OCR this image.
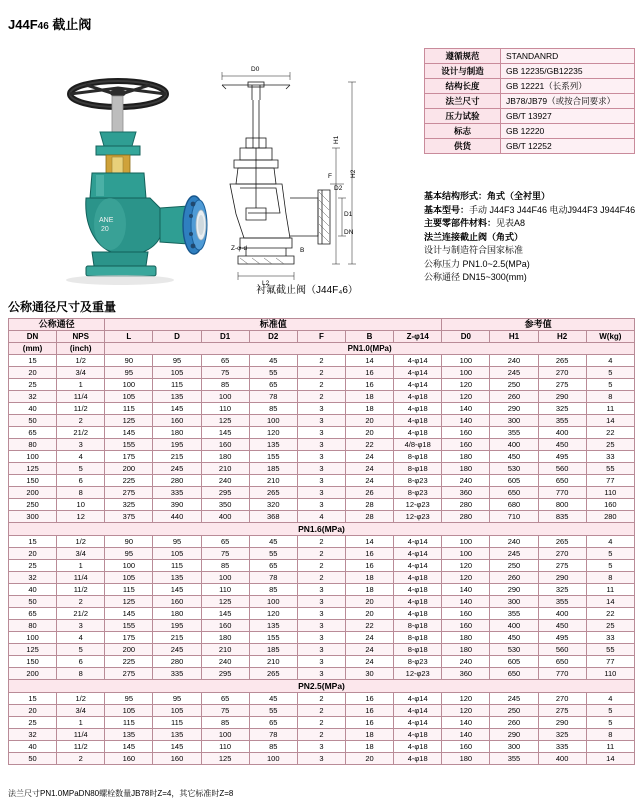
J44F46 截止阀
ANE
20
D0
F
H1
H2
D2
D1
DN
Z-φ·d
L2
B
衬氟截止阀（J44F₄6）
遵循规范	STANDANRD
设计与制造	GB 12235/GB12235
结构长度	GB 12221（长系列）
法兰尺寸	JB78/JB79（或按合同要求）
压力试验	GB/T 13927
标志	GB 12220
供货	GB/T 12252
基本结构形式：角式（全衬里）
基本型号：手动 J44F3 J44F46 电动J944F3 J944F46
主要零部件材料：见表A8
法兰连接截止阀（角式）
设计与制造符合国家标准
公称压力 PN1.0~2.5(MPa)
公称通径 DN15~300(mm)
公称通径尺寸及重量
公称通径		标准值							参考值			
DN	NPS	L	D	D1	D2	F	B	Z-φ14	D0	H1	H2	W(kg)
(mm)	(inch)	PN1.0(MPa)										
15	1/2	90	95	65	45	2	14	4-φ14	100	240	265	4
20	3/4	95	105	75	55	2	16	4-φ14	100	245	270	5
25	1	100	115	85	65	2	16	4-φ14	120	250	275	5
32	11/4	105	135	100	78	2	18	4-φ18	120	260	290	8
40	11/2	115	145	110	85	3	18	4-φ18	140	290	325	11
50	2	125	160	125	100	3	20	4-φ18	140	300	355	14
65	21/2	145	180	145	120	3	20	4-φ18	160	355	400	22
80	3	155	195	160	135	3	22	4/8-φ18	160	400	450	25
100	4	175	215	180	155	3	24	8-φ18	180	450	495	33
125	5	200	245	210	185	3	24	8-φ18	180	530	560	55
150	6	225	280	240	210	3	24	8-φ23	240	605	650	77
200	8	275	335	295	265	3	26	8-φ23	360	650	770	110
250	10	325	390	350	320	3	28	12-φ23	280	680	800	160
300	12	375	440	400	368	4	28	12-φ23	280	710	835	280
PN1.6(MPa)												
15	1/2	90	95	65	45	2	14	4-φ14	100	240	265	4
20	3/4	95	105	75	55	2	16	4-φ14	100	245	270	5
25	1	100	115	85	65	2	16	4-φ14	120	250	275	5
32	11/4	105	135	100	78	2	18	4-φ18	120	260	290	8
40	11/2	115	145	110	85	3	18	4-φ18	140	290	325	11
50	2	125	160	125	100	3	20	4-φ18	140	300	355	14
65	21/2	145	180	145	120	3	20	4-φ18	160	355	400	22
80	3	155	195	160	135	3	22	8-φ18	160	400	450	25
100	4	175	215	180	155	3	24	8-φ18	180	450	495	33
125	5	200	245	210	185	3	24	8-φ18	180	530	560	55
150	6	225	280	240	210	3	24	8-φ23	240	605	650	77
200	8	275	335	295	265	3	30	12-φ23	360	650	770	110
PN2.5(MPa)												
15	1/2	95	95	65	45	2	16	4-φ14	120	245	270	4
20	3/4	105	105	75	55	2	16	4-φ14	120	250	275	5
25	1	115	115	85	65	2	16	4-φ14	140	260	290	5
32	11/4	135	135	100	78	2	18	4-φ18	140	290	325	8
40	11/2	145	145	110	85	3	18	4-φ18	160	300	335	11
50	2	160	160	125	100	3	20	4-φ18	180	355	400	14
法兰尺寸PN1.0MPaDN80螺栓数量JB78时Z=4，其它标准时Z=8
